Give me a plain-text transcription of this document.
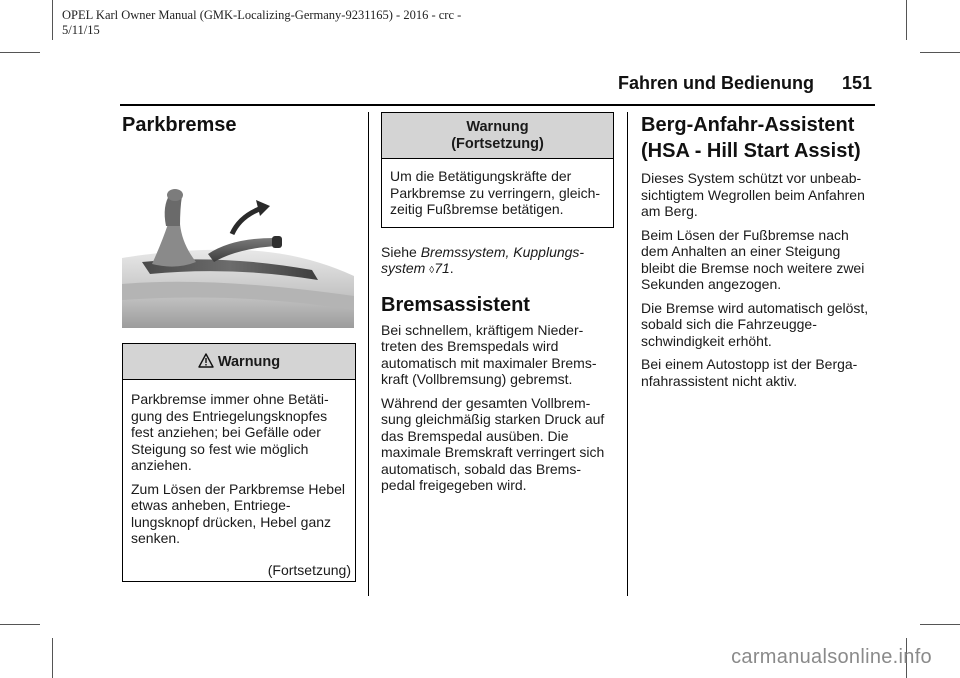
OPEL Karl Owner Manual (GMK-Localizing-Germany-9231165) - 2016 - crc -
5/11/15
Fahren und Bedienung 151
Parkbremse
Warnung

Parkbremse immer ohne Betäti- gung des Entriegelungsknopfes fest anziehen; bei Gefälle oder Steigung so fest wie möglich anziehen.

Zum Lösen der Parkbremse Hebel etwas anheben, Entriege- lungsknopf drücken, Hebel ganz senken.

(Fortsetzung)
Warnung
(Fortsetzung)

Um die Betätigungskräfte der Parkbremse zu verringern, gleich- zeitig Fußbremse betätigen.

Siehe Bremssystem, Kupplungs- system ◊71.

Bremsassistent

Bei schnellem, kräftigem Nieder- treten des Bremspedals wird automatisch mit maximaler Brems- kraft (Vollbremsung) gebremst.

Während der gesamten Vollbrem- sung gleichmäßig starken Druck auf das Bremspedal ausüben. Die maximale Bremskraft verringert sich automatisch, sobald das Brems- pedal freigegeben wird.

Berg-Anfahr-Assistent
(HSA - Hill Start Assist)

Dieses System schützt vor unbeab- sichtigtem Wegrollen beim Anfahren am Berg.

Beim Lösen der Fußbremse nach dem Anhalten an einer Steigung bleibt die Bremse noch weitere zwei Sekunden angezogen.

Die Bremse wird automatisch gelöst, sobald sich die Fahrzeugge- schwindigkeit erhöht.

Bei einem Autostopp ist der Berga- nfahrassistent nicht aktiv.

carmanualsonline.info
